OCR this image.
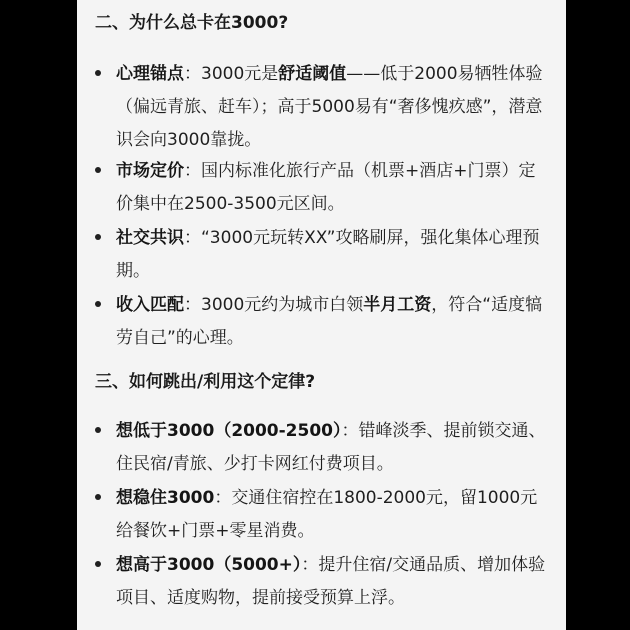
二、为什么总卡在3000?
心理锚点：3000元是舒适阈值——低于2000易牺牲体验（偏远青旅、赶车）；高于5000易有“奢侈愧疚感”，潜意识会向3000靠拢。
市场定价：国内标准化旅行产品（机票+酒店+门票）定价集中在2500-3500元区间。
社交共识：“3000元玩转XX”攻略刷屏，强化集体心理预期。
收入匹配：3000元约为城市白领半月工资，符合“适度犒劳自己”的心理。
三、如何跳出/利用这个定律?
想低于3000（2000-2500）：错峰淡季、提前锁交通、住民宿/青旅、少打卡网红付费项目。
想稳住3000：交通住宿控在1800-2000元，留1000元给餐饮+门票+零星消费。
想高于3000（5000+）：提升住宿/交通品质、增加体验项目、适度购物，提前接受预算上浮。
